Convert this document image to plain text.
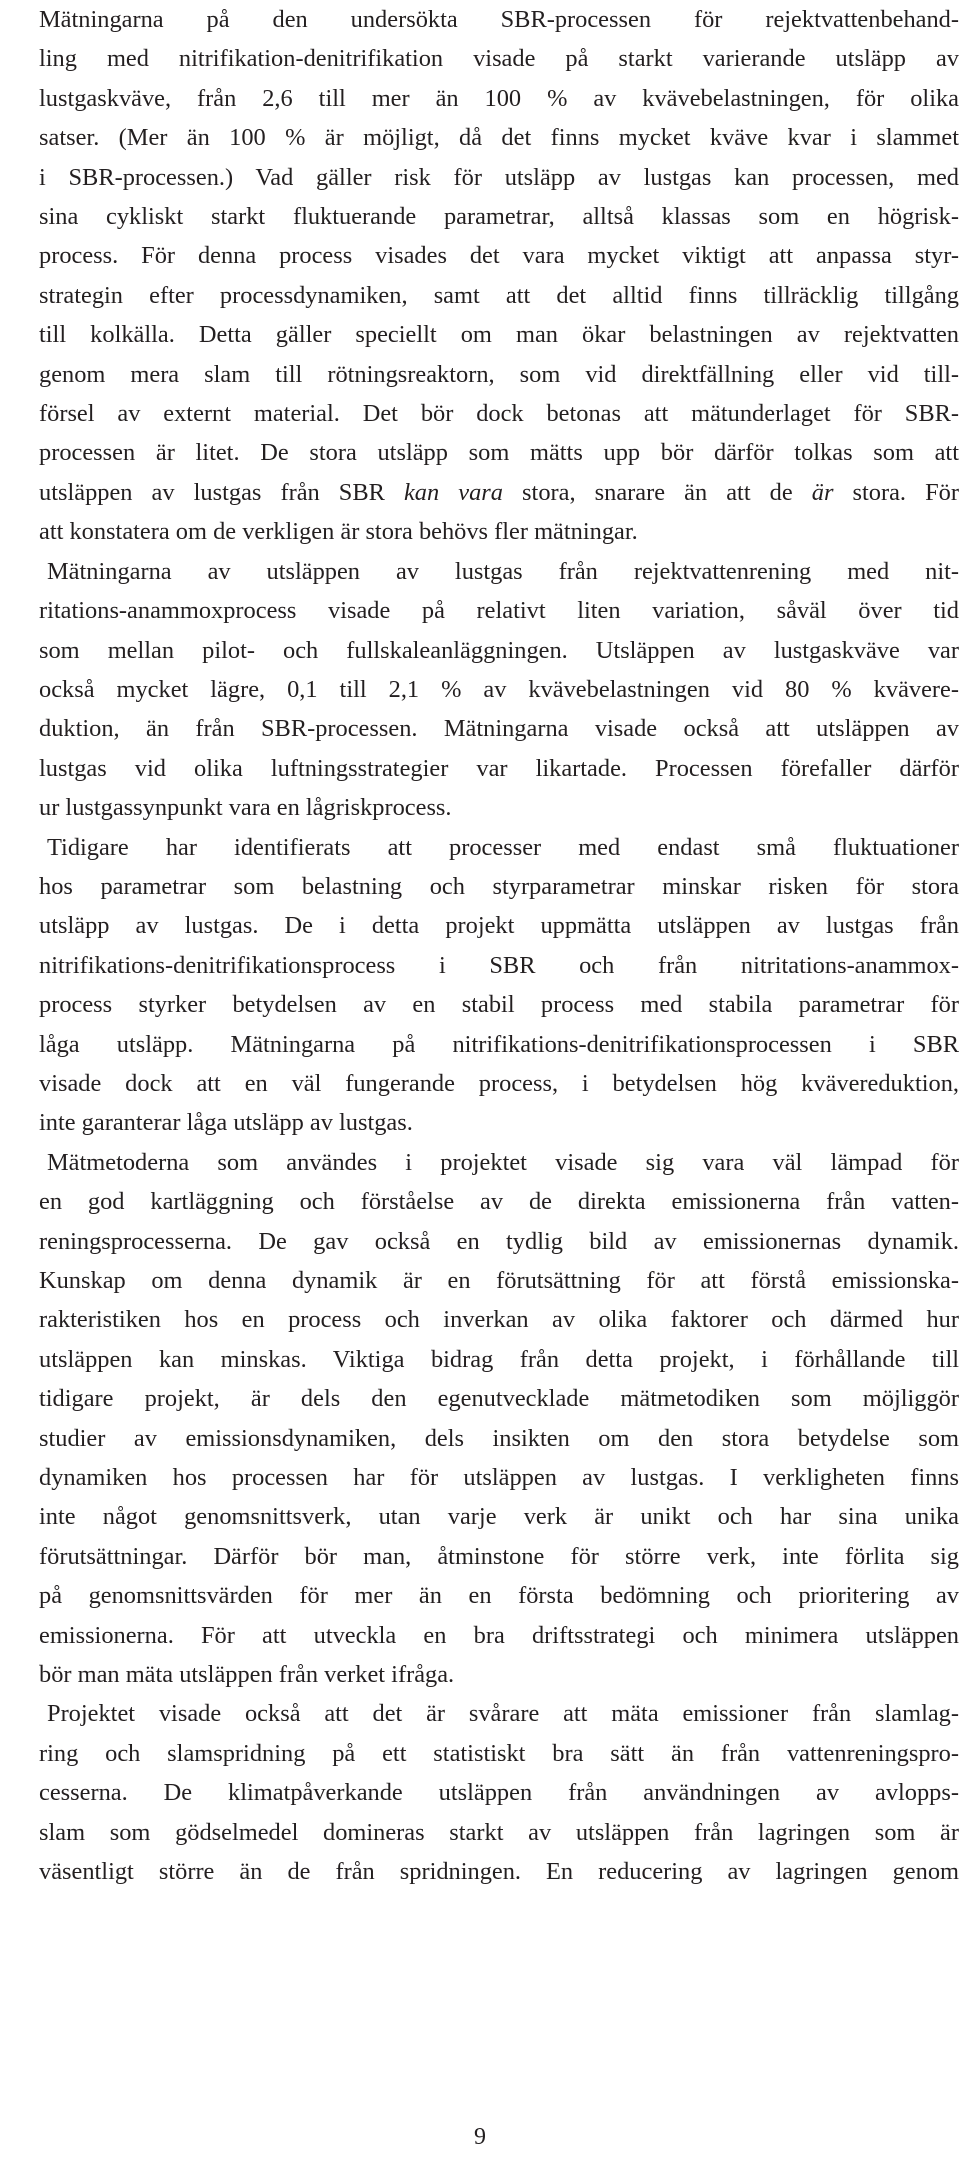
Mätningarna på den undersökta SBR-processen för rejektvattenbehand-
ling med nitrifikation-denitrifikation visade på starkt varierande utsläpp av
lustgaskväve, från 2,6 till mer än 100 % av kvävebelastningen, för olika
satser. (Mer än 100 % är möjligt, då det finns mycket kväve kvar i slammet
i SBR-processen.) Vad gäller risk för utsläpp av lustgas kan processen, med
sina cykliskt starkt fluktuerande parametrar, alltså klassas som en högrisk-
process. För denna process visades det vara mycket viktigt att anpassa styr-
strategin efter processdynamiken, samt att det alltid finns tillräcklig tillgång
till kolkälla. Detta gäller speciellt om man ökar belastningen av rejektvatten
genom mera slam till rötningsreaktorn, som vid direktfällning eller vid till-
försel av externt material. Det bör dock betonas att mätunderlaget för SBR-
processen är litet. De stora utsläpp som mätts upp bör därför tolkas som att
utsläppen av lustgas från SBR kan vara stora, snarare än att de är stora. För
att konstatera om de verkligen är stora behövs fler mätningar.
Mätningarna av utsläppen av lustgas från rejektvattenrening med nit-
ritations-anammoxprocess visade på relativt liten variation, såväl över tid
som mellan pilot- och fullskaleanläggningen. Utsläppen av lustgaskväve var
också mycket lägre, 0,1 till 2,1 % av kvävebelastningen vid 80 % kvävere-
duktion, än från SBR-processen. Mätningarna visade också att utsläppen av
lustgas vid olika luftningsstrategier var likartade. Processen förefaller därför
ur lustgassynpunkt vara en lågriskprocess.
Tidigare har identifierats att processer med endast små fluktuationer
hos parametrar som belastning och styrparametrar minskar risken för stora
utsläpp av lustgas. De i detta projekt uppmätta utsläppen av lustgas från
nitrifikations-denitrifikationsprocess i SBR och från nitritations-anammox-
process styrker betydelsen av en stabil process med stabila parametrar för
låga utsläpp. Mätningarna på nitrifikations-denitrifikationsprocessen i SBR
visade dock att en väl fungerande process, i betydelsen hög kvävereduktion,
inte garanterar låga utsläpp av lustgas.
Mätmetoderna som användes i projektet visade sig vara väl lämpad för
en god kartläggning och förståelse av de direkta emissionerna från vatten-
reningsprocesserna. De gav också en tydlig bild av emissionernas dynamik.
Kunskap om denna dynamik är en förutsättning för att förstå emissionska-
rakteristiken hos en process och inverkan av olika faktorer och därmed hur
utsläppen kan minskas. Viktiga bidrag från detta projekt, i förhållande till
tidigare projekt, är dels den egenutvecklade mätmetodiken som möjliggör
studier av emissionsdynamiken, dels insikten om den stora betydelse som
dynamiken hos processen har för utsläppen av lustgas. I verkligheten finns
inte något genomsnittsverk, utan varje verk är unikt och har sina unika
förutsättningar. Därför bör man, åtminstone för större verk, inte förlita sig
på genomsnittsvärden för mer än en första bedömning och prioritering av
emissionerna. För att utveckla en bra driftsstrategi och minimera utsläppen
bör man mäta utsläppen från verket ifråga.
Projektet visade också att det är svårare att mäta emissioner från slamlag-
ring och slamspridning på ett statistiskt bra sätt än från vattenreningspro-
cesserna. De klimatpåverkande utsläppen från användningen av avlopps-
slam som gödselmedel domineras starkt av utsläppen från lagringen som är
väsentligt större än de från spridningen. En reducering av lagringen genom
9
